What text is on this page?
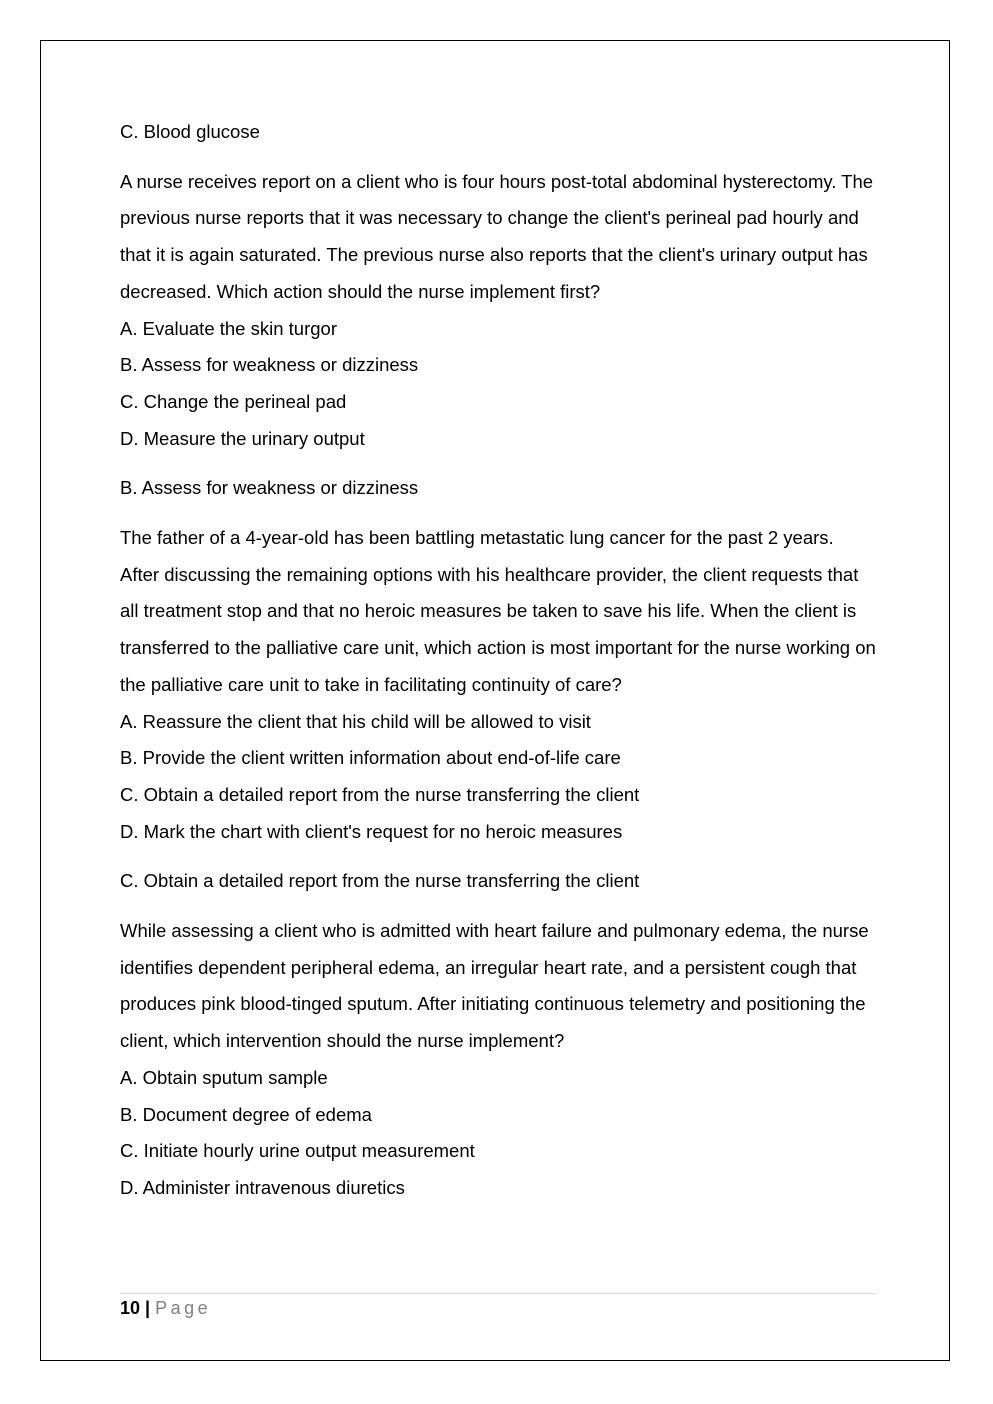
C. Blood glucose

A nurse receives report on a client who is four hours post-total abdominal hysterectomy. The previous nurse reports that it was necessary to change the client's perineal pad hourly and that it is again saturated. The previous nurse also reports that the client's urinary output has decreased. Which action should the nurse implement first?

A. Evaluate the skin turgor

B. Assess for weakness or dizziness

C. Change the perineal pad

D. Measure the urinary output

B. Assess for weakness or dizziness

The father of a 4-year-old has been battling metastatic lung cancer for the past 2 years. After discussing the remaining options with his healthcare provider, the client requests that all treatment stop and that no heroic measures be taken to save his life. When the client is transferred to the palliative care unit, which action is most important for the nurse working on the palliative care unit to take in facilitating continuity of care?

A. Reassure the client that his child will be allowed to visit

B. Provide the client written information about end-of-life care

C. Obtain a detailed report from the nurse transferring the client

D. Mark the chart with client's request for no heroic measures

C. Obtain a detailed report from the nurse transferring the client

While assessing a client who is admitted with heart failure and pulmonary edema, the nurse identifies dependent peripheral edema, an irregular heart rate, and a persistent cough that produces pink blood-tinged sputum. After initiating continuous telemetry and positioning the client, which intervention should the nurse implement?

A. Obtain sputum sample

B. Document degree of edema

C. Initiate hourly urine output measurement

D. Administer intravenous diuretics

10 | Page
